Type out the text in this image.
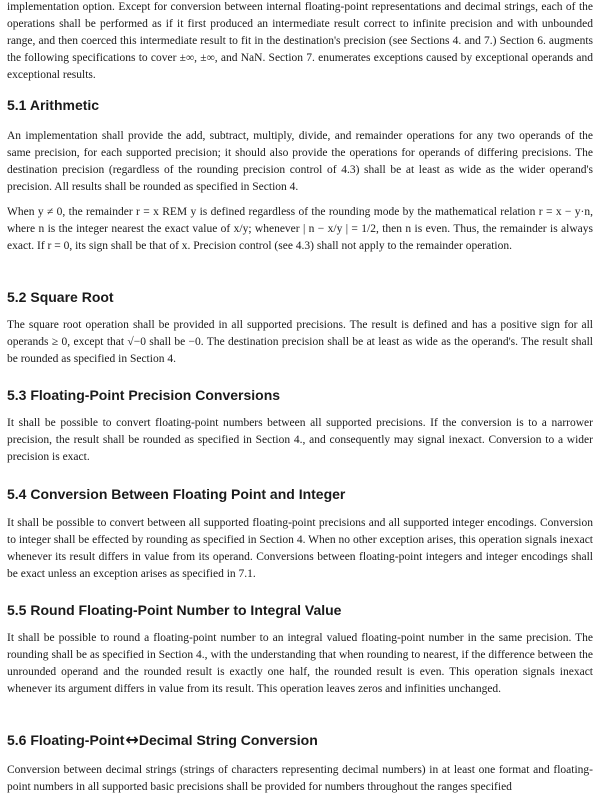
implementation option. Except for conversion between internal floating-point representations and decimal strings, each of the operations shall be performed as if it first produced an intermediate result correct to infinite precision and with unbounded range, and then coerced this intermediate result to fit in the destination's precision (see Sections 4. and 7.) Section 6. augments the following specifications to cover ±∞, ±∞, and NaN. Section 7. enumerates exceptions caused by exceptional operands and exceptional results.

5.1 Arithmetic

An implementation shall provide the add, subtract, multiply, divide, and remainder operations for any two operands of the same precision, for each supported precision; it should also provide the operations for operands of differing precisions. The destination precision (regardless of the rounding precision control of 4.3) shall be at least as wide as the wider operand's precision. All results shall be rounded as specified in Section 4.

When y ≠ 0, the remainder r = x REM y is defined regardless of the rounding mode by the mathematical relation r = x − y·n, where n is the integer nearest the exact value of x/y; whenever | n − x/y | = 1/2, then n is even. Thus, the remainder is always exact. If r = 0, its sign shall be that of x. Precision control (see 4.3) shall not apply to the remainder operation.

5.2 Square Root

The square root operation shall be provided in all supported precisions. The result is defined and has a positive sign for all operands ≥ 0, except that √−0 shall be −0. The destination precision shall be at least as wide as the operand's. The result shall be rounded as specified in Section 4.

5.3 Floating-Point Precision Conversions

It shall be possible to convert floating-point numbers between all supported precisions. If the conversion is to a narrower precision, the result shall be rounded as specified in Section 4., and consequently may signal inexact. Conversion to a wider precision is exact.

5.4 Conversion Between Floating Point and Integer

It shall be possible to convert between all supported floating-point precisions and all supported integer encodings. Conversion to integer shall be effected by rounding as specified in Section 4. When no other exception arises, this operation signals inexact whenever its result differs in value from its operand. Conversions between floating-point integers and integer encodings shall be exact unless an exception arises as specified in 7.1.

5.5 Round Floating-Point Number to Integral Value

It shall be possible to round a floating-point number to an integral valued floating-point number in the same precision. The rounding shall be as specified in Section 4., with the understanding that when rounding to nearest, if the difference between the unrounded operand and the rounded result is exactly one half, the rounded result is even. This operation signals inexact whenever its argument differs in value from its result. This operation leaves zeros and infinities unchanged.

5.6 Floating-Point↔Decimal String Conversion

Conversion between decimal strings (strings of characters representing decimal numbers) in at least one format and floating-point numbers in all supported basic precisions shall be provided for numbers throughout the ranges specified
